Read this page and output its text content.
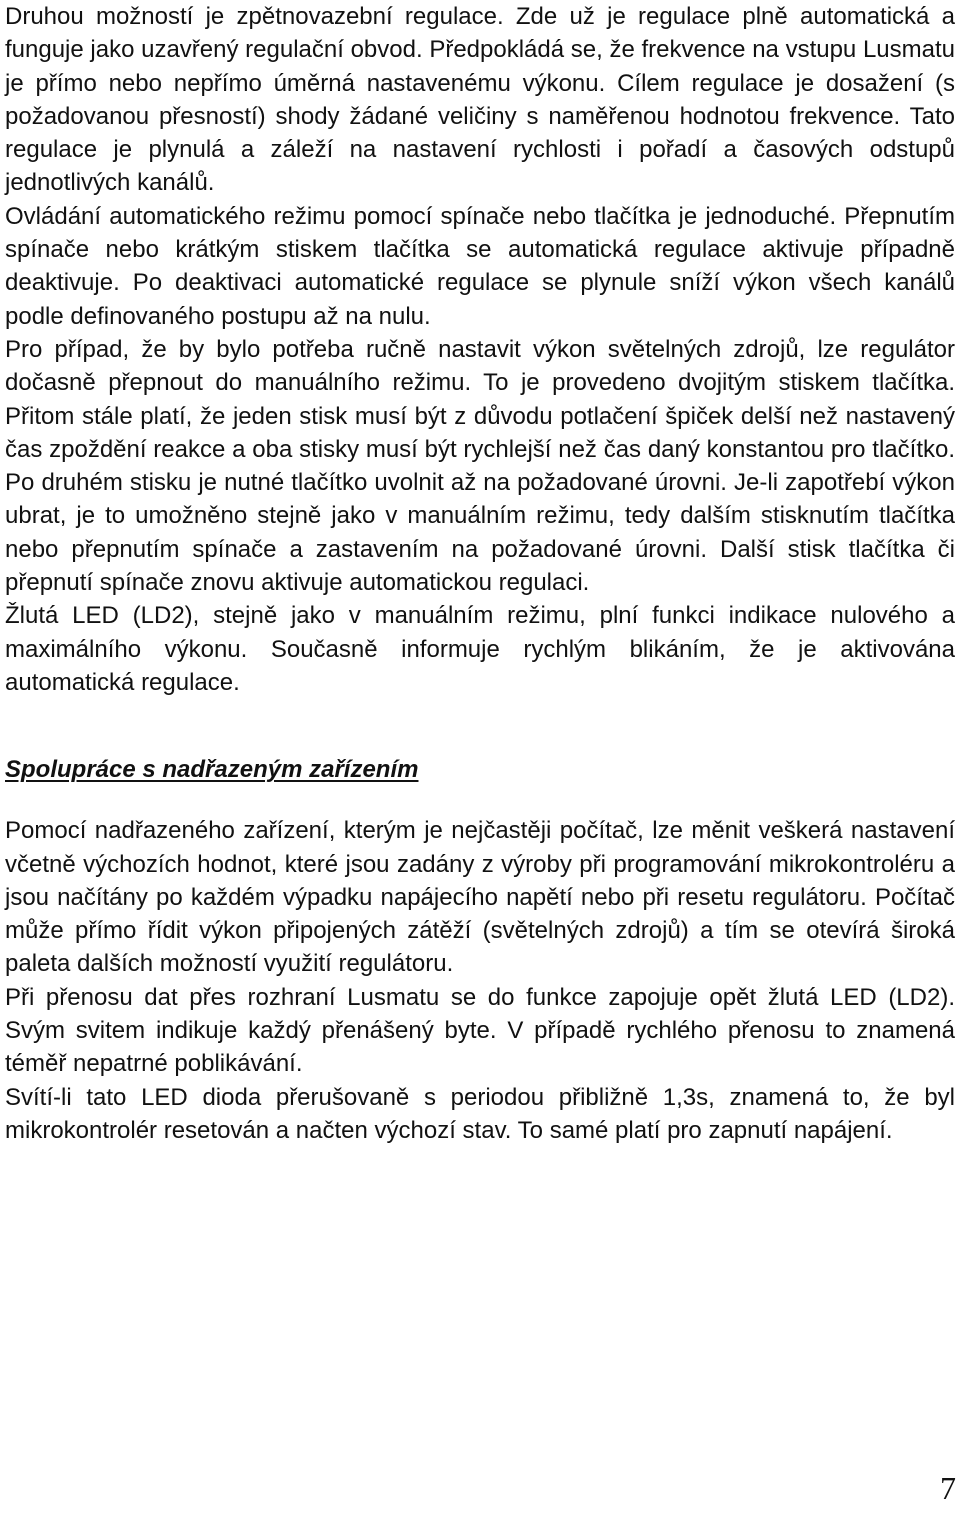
Druhou možností je zpětnovazební regulace. Zde už je regulace plně automatická a funguje jako uzavřený regulační obvod. Předpokládá se, že frekvence na vstupu Lusmatu je přímo nebo nepřímo úměrná nastavenému výkonu. Cílem regulace je dosažení (s požadovanou přesností) shody žádané veličiny s naměřenou hodnotou frekvence. Tato regulace je plynulá a záleží na nastavení rychlosti i pořadí a časových odstupů jednotlivých kanálů.

Ovládání automatického režimu pomocí spínače nebo tlačítka je jednoduché. Přepnutím spínače nebo krátkým stiskem tlačítka se automatická regulace aktivuje případně deaktivuje. Po deaktivaci automatické regulace se plynule sníží výkon všech kanálů podle definovaného postupu až na nulu.

Pro případ, že by bylo potřeba ručně nastavit výkon světelných zdrojů, lze regulátor dočasně přepnout do manuálního režimu. To je provedeno dvojitým stiskem tlačítka. Přitom stále platí, že jeden stisk musí být z důvodu potlačení špiček delší než nastavený čas zpoždění reakce a oba stisky musí být rychlejší než čas daný konstantou pro tlačítko. Po druhém stisku je nutné tlačítko uvolnit až na požadované úrovni. Je-li zapotřebí výkon ubrat, je to umožněno stejně jako v manuálním režimu, tedy dalším stisknutím tlačítka nebo přepnutím spínače a zastavením na požadované úrovni. Další stisk tlačítka či přepnutí spínače znovu aktivuje automatickou regulaci.

Žlutá LED (LD2), stejně jako v manuálním režimu, plní funkci indikace nulového a maximálního výkonu. Současně informuje rychlým blikáním, že je aktivována automatická regulace.

Spolupráce s nadřazeným zařízením

Pomocí nadřazeného zařízení, kterým je nejčastěji počítač, lze měnit veškerá nastavení včetně výchozích hodnot, které jsou zadány z výroby při programování mikrokontroléru a jsou načítány po každém výpadku napájecího napětí nebo při resetu regulátoru. Počítač může přímo řídit výkon připojených zátěží (světelných zdrojů) a tím se otevírá široká paleta dalších možností využití regulátoru.

Při přenosu dat přes rozhraní Lusmatu se do funkce zapojuje opět žlutá LED (LD2). Svým svitem indikuje každý přenášený byte. V případě rychlého přenosu to znamená téměř nepatrné poblikávání.

Svítí-li tato LED dioda přerušovaně s periodou přibližně 1,3s, znamená to, že byl mikrokontrolér resetován a načten výchozí stav. To samé platí pro zapnutí napájení.

7
